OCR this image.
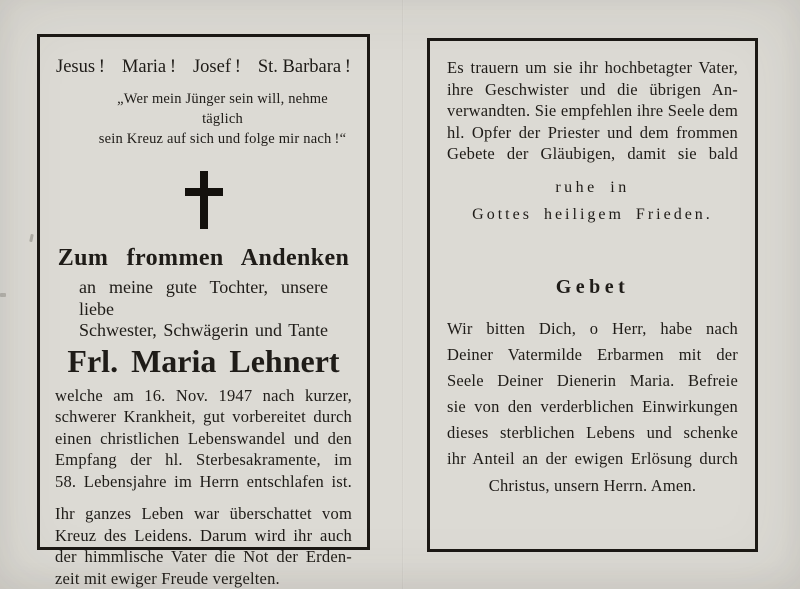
Jesus ! Maria ! Josef ! St. Barbara !
„Wer mein Jünger sein will, nehme täglich
sein Kreuz auf sich und folge mir nach !“
Zum frommen Andenken
an meine gute Tochter, unsere liebe
Schwester, Schwägerin und Tante
Frl. Maria Lehnert
welche am 16. Nov. 1947 nach kurzer,
schwerer Krankheit, gut vorbereitet durch
einen christlichen Lebenswandel und den
Empfang der hl. Sterbesakramente, im
58. Lebensjahre im Herrn entschlafen ist.
Ihr ganzes Leben war überschattet vom
Kreuz des Leidens. Darum wird ihr auch
der himmlische Vater die Not der Erden-
zeit mit ewiger Freude vergelten.
Es trauern um sie ihr hochbetagter Vater,
ihre Geschwister und die übrigen An-
verwandten. Sie empfehlen ihre Seele dem
hl. Opfer der Priester und dem frommen
Gebete der Gläubigen, damit sie bald
ruhe in
Gottes heiligem Frieden.
Gebet
Wir bitten Dich, o Herr, habe nach
Deiner Vatermilde Erbarmen mit der
Seele Deiner Dienerin Maria. Befreie
sie von den verderblichen Einwirkungen
dieses sterblichen Lebens und schenke
ihr Anteil an der ewigen Erlösung durch
Christus, unsern Herrn. Amen.
